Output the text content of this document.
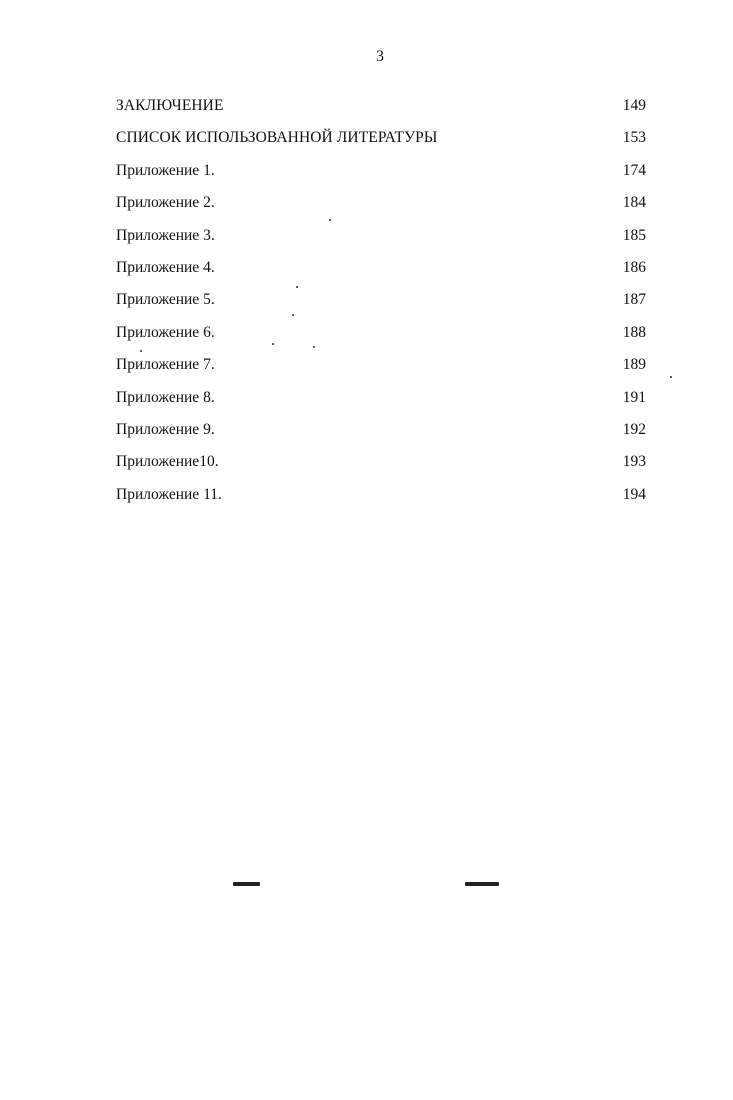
3
ЗАКЛЮЧЕНИЕ	149
СПИСОК ИСПОЛЬЗОВАННОЙ ЛИТЕРАТУРЫ	153
Приложение 1.	174
Приложение 2.	184
Приложение 3.	185
Приложение 4.	186
Приложение 5.	187
Приложение 6.	188
Приложение 7.	189
Приложение 8.	191
Приложение 9.	192
Приложение10.	193
Приложение 11.	194
